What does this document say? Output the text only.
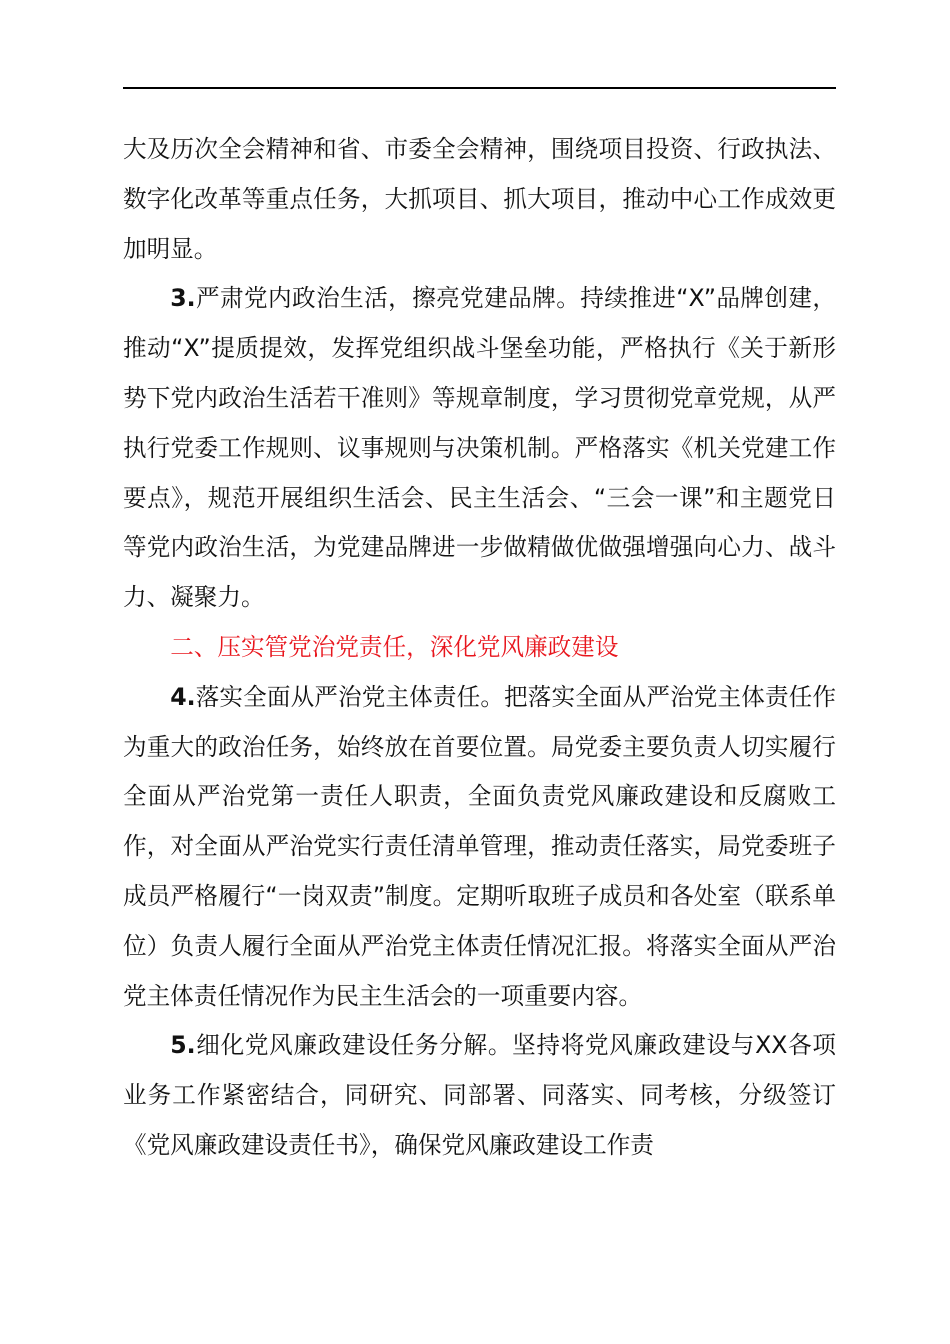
大及历次全会精神和省、市委全会精神，围绕项目投资、行政执法、数字化改革等重点任务，大抓项目、抓大项目，推动中心工作成效更加明显。

3.严肃党内政治生活，擦亮党建品牌。持续推进“X”品牌创建，推动“X”提质提效，发挥党组织战斗堡垒功能，严格执行《关于新形势下党内政治生活若干准则》等规章制度，学习贯彻党章党规，从严执行党委工作规则、议事规则与决策机制。严格落实《机关党建工作要点》，规范开展组织生活会、民主生活会、“三会一课”和主题党日等党内政治生活，为党建品牌进一步做精做优做强增强向心力、战斗力、凝聚力。

二、压实管党治党责任，深化党风廉政建设

4.落实全面从严治党主体责任。把落实全面从严治党主体责任作为重大的政治任务，始终放在首要位置。局党委主要负责人切实履行全面从严治党第一责任人职责，全面负责党风廉政建设和反腐败工作，对全面从严治党实行责任清单管理，推动责任落实，局党委班子成员严格履行“一岗双责”制度。定期听取班子成员和各处室（联系单位）负责人履行全面从严治党主体责任情况汇报。将落实全面从严治党主体责任情况作为民主生活会的一项重要内容。

5.细化党风廉政建设任务分解。坚持将党风廉政建设与XX各项业务工作紧密结合，同研究、同部署、同落实、同考核，分级签订《党风廉政建设责任书》，确保党风廉政建设工作责
